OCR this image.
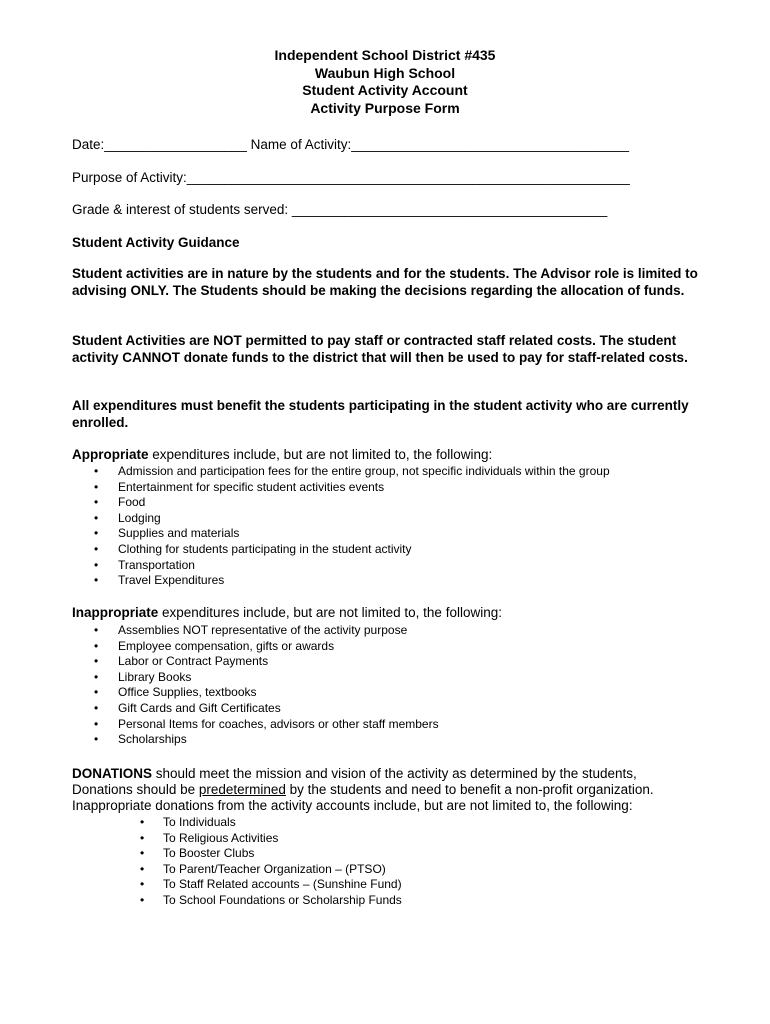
Independent School District #435
Waubun High School
Student Activity Account
Activity Purpose Form
Date:___________________ Name of Activity:_____________________________________
Purpose of Activity:___________________________________________________________
Grade & interest of students served: __________________________________________
Student Activity Guidance
Student activities are in nature by the students and for the students. The Advisor role is limited to advising ONLY. The Students should be making the decisions regarding the allocation of funds.
Student Activities are NOT permitted to pay staff or contracted staff related costs. The student activity CANNOT donate funds to the district that will then be used to pay for staff-related costs.
All expenditures must benefit the students participating in the student activity who are currently enrolled.
Appropriate expenditures include, but are not limited to, the following:
• Admission and participation fees for the entire group, not specific individuals within the group
• Entertainment for specific student activities events
• Food
• Lodging
• Supplies and materials
• Clothing for students participating in the student activity
• Transportation
• Travel Expenditures
Inappropriate expenditures include, but are not limited to, the following:
• Assemblies NOT representative of the activity purpose
• Employee compensation, gifts or awards
• Labor or Contract Payments
• Library Books
• Office Supplies, textbooks
• Gift Cards and Gift Certificates
• Personal Items for coaches, advisors or other staff members
• Scholarships
DONATIONS should meet the mission and vision of the activity as determined by the students,
Donations should be predetermined by the students and need to benefit a non-profit organization.
Inappropriate donations from the activity accounts include, but are not limited to, the following:
• To Individuals
• To Religious Activities
• To Booster Clubs
• To Parent/Teacher Organization – (PTSO)
• To Staff Related accounts – (Sunshine Fund)
• To School Foundations or Scholarship Funds
